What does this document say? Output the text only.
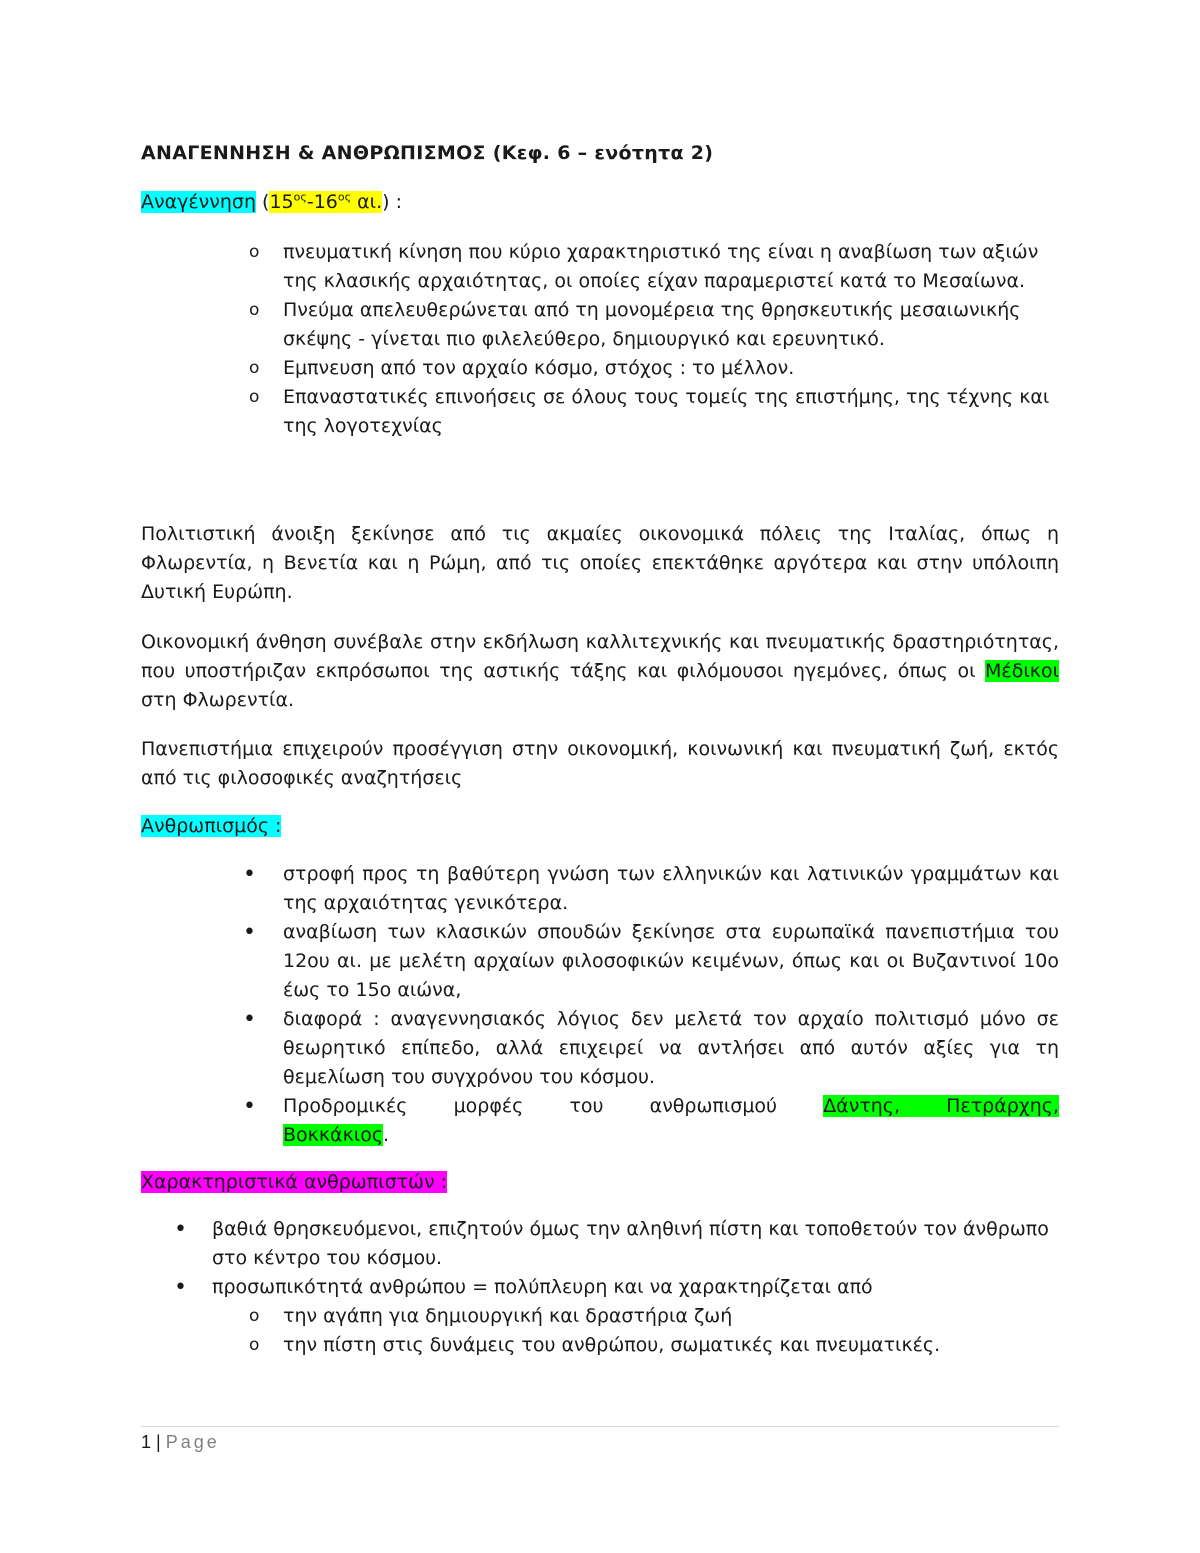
ΑΝΑΓΕΝΝΗΣΗ & ΑΝΘΡΩΠΙΣΜΟΣ (Κεφ. 6 – ενότητα 2)
Αναγέννηση ($15^{o\varsigma}-16^{o\varsigma}$ αι.) :
o πνευματική κίνηση που κύριο χαρακτηριστικό της είναι η αναβίωση των αξιών της κλασικής αρχαιότητας, οι οποίες είχαν παραμεριστεί κατά το Μεσαίωνα.
o Πνεύμα απελευθερώνεται από τη μονομέρεια της θρησκευτικής μεσαιωνικής σκέψης - γίνεται πιο φιλελεύθερο, δημιουργικό και ερευνητικό.
o Εμπνευση από τον αρχαίο κόσμο, στόχος : το μέλλον.
o Επαναστατικές επινοήσεις σε όλους τους τομείς της επιστήμης, της τέχνης και της λογοτεχνίας
Πολιτιστική άνοιξη ξεκίνησε από τις ακμαίες οικονομικά πόλεις της Ιταλίας, όπως η Φλωρεντία, η Βενετία και η Ρώμη, από τις οποίες επεκτάθηκε αργότερα και στην υπόλοιπη Δυτική Ευρώπη.
Οικονομική άνθηση συνέβαλε στην εκδήλωση καλλιτεχνικής και πνευματικής δραστηριότητας, που υποστήριζαν εκπρόσωποι της αστικής τάξης και φιλόμουσοι ηγεμόνες, όπως οι Μέδικοι στη Φλωρεντία.
Πανεπιστήμια επιχειρούν προσέγγιση στην οικονομική, κοινωνική και πνευματική ζωή, εκτός από τις φιλοσοφικές αναζητήσεις
Ανθρωπισμός :
• στροφή προς τη βαθύτερη γνώση των ελληνικών και λατινικών γραμμάτων και της αρχαιότητας γενικότερα.
• αναβίωση των κλασικών σπουδών ξεκίνησε στα ευρωπαϊκά πανεπιστήμια του 12ου αι. με μελέτη αρχαίων φιλοσοφικών κειμένων, όπως και οι Βυζαντινοί 10ο έως το 15ο αιώνα,
• διαφορά : αναγεννησιακός λόγιος δεν μελετά τον αρχαίο πολιτισμό μόνο σε θεωρητικό επίπεδο, αλλά επιχειρεί να αντλήσει από αυτόν αξίες για τη θεμελίωση του συγχρόνου του κόσμου.
• Προδρομικές μορφές του ανθρωπισμού Δάντης, Πετράρχης,
Βοκκάκιος.
Χαρακτηριστικά ανθρωπιστών :
• βαθιά θρησκευόμενοι, επιζητούν όμως την αληθινή πίστη και τοποθετούν τον άνθρωπο στο κέντρο του κόσμου.
• προσωπικότητά ανθρώπου = πολύπλευρη και να χαρακτηρίζεται από
o την αγάπη για δημιουργική και δραστήρια ζωή
o την πίστη στις δυνάμεις του ανθρώπου, σωματικές και πνευματικές.
1 | Page
